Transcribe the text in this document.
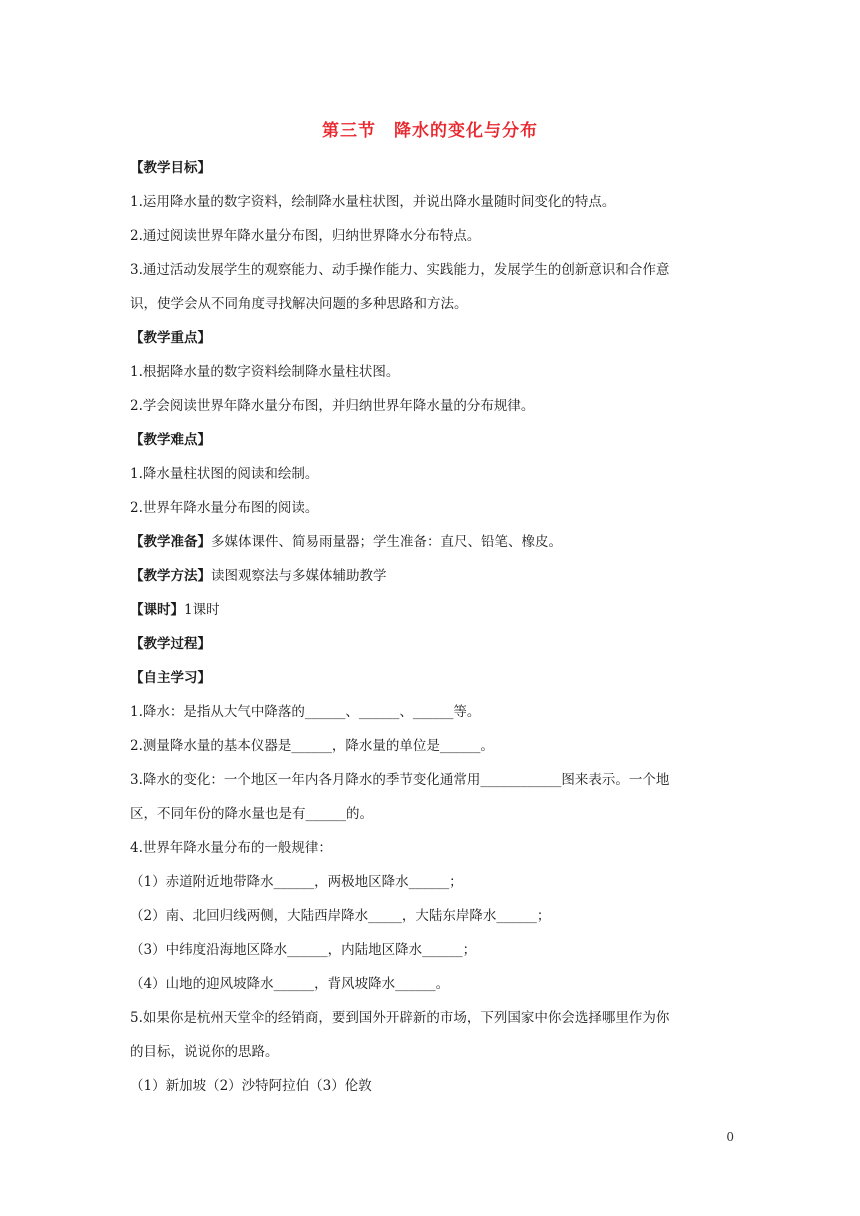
第三节　降水的变化与分布
【教学目标】
1.运用降水量的数字资料，绘制降水量柱状图，并说出降水量随时间变化的特点。
2.通过阅读世界年降水量分布图，归纳世界降水分布特点。
3.通过活动发展学生的观察能力、动手操作能力、实践能力，发展学生的创新意识和合作意
识，使学会从不同角度寻找解决问题的多种思路和方法。
【教学重点】
1.根据降水量的数字资料绘制降水量柱状图。
2.学会阅读世界年降水量分布图，并归纳世界年降水量的分布规律。
【教学难点】
1.降水量柱状图的阅读和绘制。
2.世界年降水量分布图的阅读。
【教学准备】多媒体课件、简易雨量器；学生准备：直尺、铅笔、橡皮。
【教学方法】读图观察法与多媒体辅助教学
【课时】1课时
【教学过程】
【自主学习】
1.降水：是指从大气中降落的______、______、______等。
2.测量降水量的基本仪器是______，降水量的单位是______。
3.降水的变化：一个地区一年内各月降水的季节变化通常用____________图来表示。一个地
区，不同年份的降水量也是有______的。
4.世界年降水量分布的一般规律：
（1）赤道附近地带降水______，两极地区降水______；
（2）南、北回归线两侧，大陆西岸降水_____，大陆东岸降水______；
（3）中纬度沿海地区降水______，内陆地区降水______；
（4）山地的迎风坡降水______，背风坡降水______。
5.如果你是杭州天堂伞的经销商，要到国外开辟新的市场，下列国家中你会选择哪里作为你
的目标，说说你的思路。
（1）新加坡（2）沙特阿拉伯（3）伦敦
0
